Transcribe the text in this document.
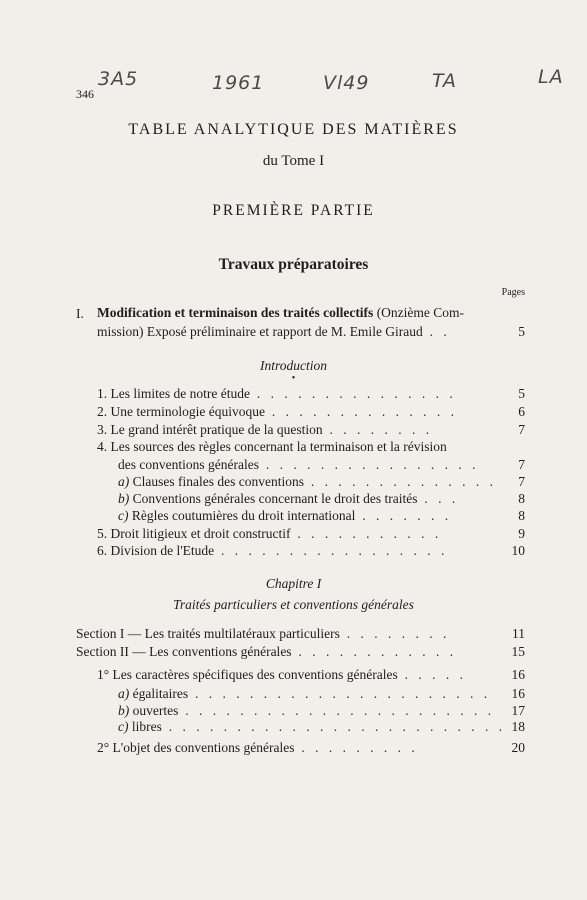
346
3A5	1961	Vl49	TA	LA
TABLE ANALYTIQUE DES MATIÈRES
du Tome I
PREMIÈRE PARTIE
Travaux préparatoires
Pages
I. Modification et terminaison des traités collectifs (Onzième Com-
mission) Exposé préliminaire et rapport de M. Emile Giraud . .	5
•
Introduction
1. Les limites de notre étude . . . . . . . . . . . . . . .	5
2. Une terminologie équivoque . . . . . . . . . . . . . .	6
3. Le grand intérêt pratique de la question . . . . . . . .	7
4. Les sources des règles concernant la terminaison et la révision
des conventions générales . . . . . . . . . . . . . . . .	7
a) Clauses finales des conventions . . . . . . . . . . . . . . 7
b) Conventions générales concernant le droit des traités . . .	8
c) Règles coutumières du droit international . . . . . . .	8
5. Droit litigieux et droit constructif . . . . . . . . . . .	9
6. Division de l'Etude . . . . . . . . . . . . . . . . .	10
Chapitre I
Traités particuliers et conventions générales
Section I — Les traités multilatéraux particuliers . . . . . . . .	11
Section II — Les conventions générales . . . . . . . . . . . .	15
1° Les caractères spécifiques des conventions générales . . . . .	16
a) égalitaires . . . . . . . . . . . . . . . . . . . . . . 16
b) ouvertes . . . . . . . . . . . . . . . . . . . . . . . 17
c) libres . . . . . . . . . . . . . . . . . . . . . . . . . 18
2° L'objet des conventions générales . . . . . . . . .	20
